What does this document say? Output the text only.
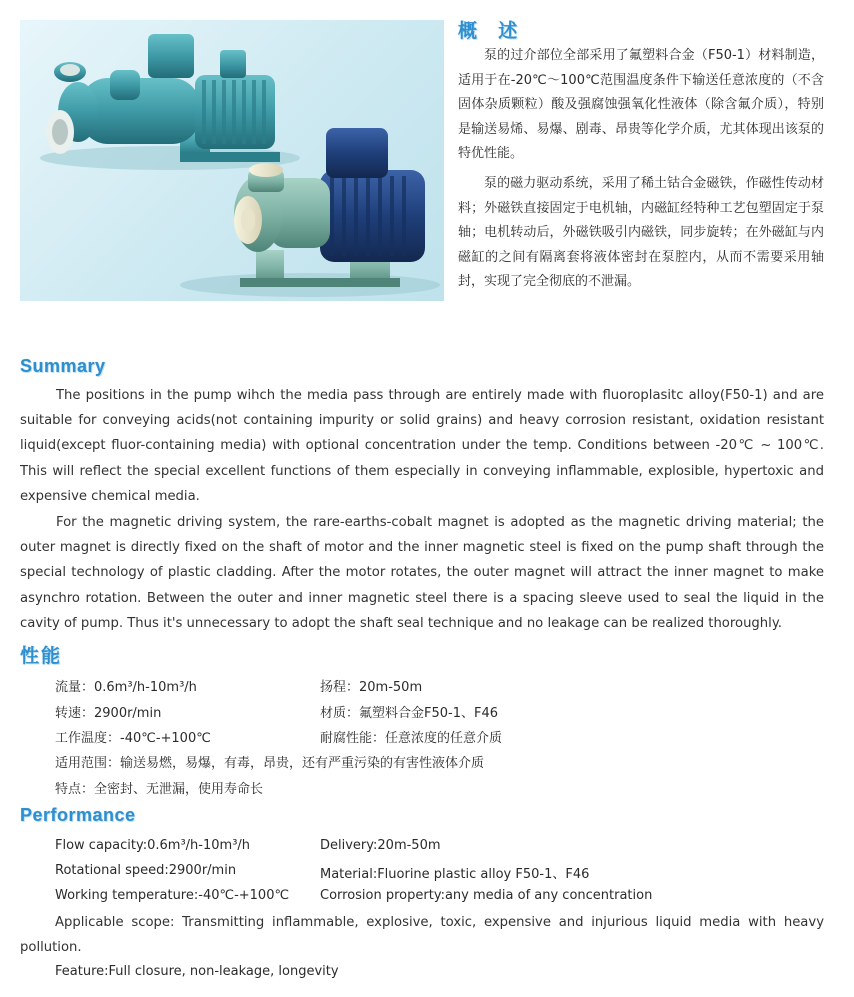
概 述

泵的过介部位全部采用了氟塑料合金（F50-1）材料制造，适用于在-20℃～100℃范围温度条件下输送任意浓度的（不含固体杂质颗粒）酸及强腐蚀强氧化性液体（除含氟介质），特别是输送易烯、易爆、剧毒、昂贵等化学介质，尤其体现出该泵的特优性能。

泵的磁力驱动系统，采用了稀土钴合金磁铁，作磁性传动材料；外磁铁直接固定于电机轴，内磁缸经特种工艺包塑固定于泵轴；电机转动后，外磁铁吸引内磁铁，同步旋转；在外磁缸与内磁缸的之间有隔离套将液体密封在泵腔内，从而不需要采用轴封，实现了完全彻底的不泄漏。

Summary

The positions in the pump wihch the media pass through are entirely made with fluoroplasitc alloy(F50-1) and are suitable for conveying acids(not containing impurity or solid grains) and heavy corrosion resistant, oxidation resistant liquid(except fluor-containing media) with optional concentration under the temp. Conditions between -20℃ ~ 100℃. This will reflect the special excellent functions of them especially in conveying inflammable, explosible, hypertoxic and expensive chemical media.

For the magnetic driving system, the rare-earths-cobalt magnet is adopted as the magnetic driving material; the outer magnet is directly fixed on the shaft of motor and the inner magnetic steel is fixed on the pump shaft through the special technology of plastic cladding. After the motor rotates, the outer magnet will attract the inner magnet to make asynchro rotation. Between the outer and inner magnetic steel there is a spacing sleeve used to seal the liquid in the cavity of pump. Thus it's unnecessary to adopt the shaft seal technique and no leakage can be realized thoroughly.

性能
流量：0.6m³/h-10m³/h	扬程：20m-50m
转速：2900r/min	材质：氟塑料合金F50-1、F46
工作温度：-40℃-+100℃	耐腐性能：任意浓度的任意介质
适用范围：输送易燃，易爆，有毒，昂贵，还有严重污染的有害性液体介质
特点：全密封、无泄漏，使用寿命长
Performance
Flow capacity:0.6m³/h-10m³/h	Delivery:20m-50m
Rotational speed:2900r/min	Material:Fluorine plastic alloy F50-1、F46
Working temperature:-40℃-+100℃ Corrosion property:any media of any concentration

Applicable scope: Transmitting inflammable, explosive, toxic, expensive and injurious liquid media with heavy pollution.

Feature:Full closure, non-leakage, longevity
